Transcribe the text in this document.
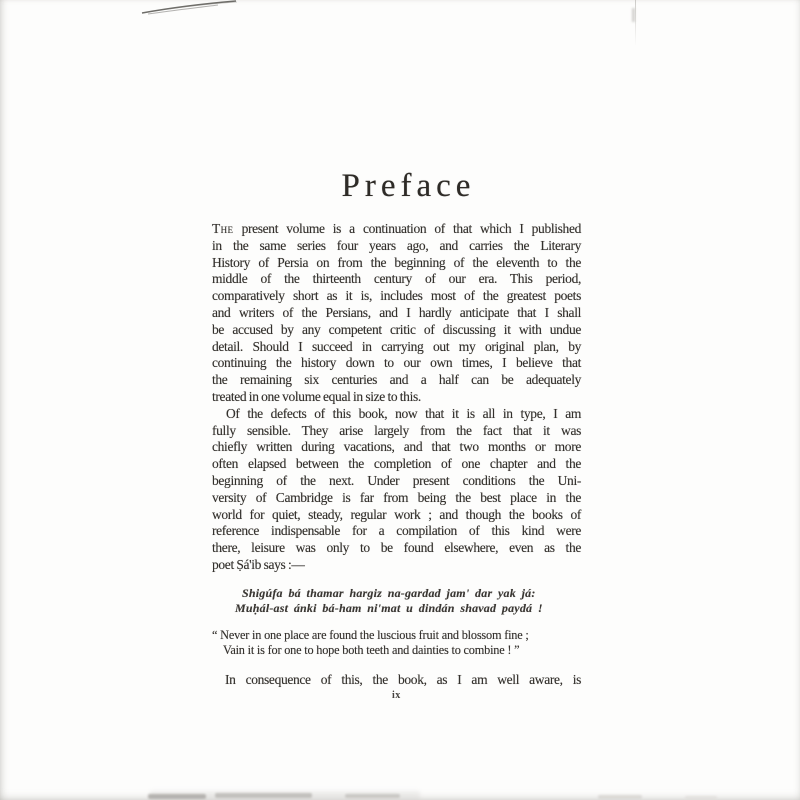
Preface
The present volume is a continuation of that which I published
in the same series four years ago, and carries the Literary
History of Persia on from the beginning of the eleventh to the
middle of the thirteenth century of our era. This period,
comparatively short as it is, includes most of the greatest poets
and writers of the Persians, and I hardly anticipate that I shall
be accused by any competent critic of discussing it with undue
detail. Should I succeed in carrying out my original plan, by
continuing the history down to our own times, I believe that
the remaining six centuries and a half can be adequately
treated in one volume equal in size to this.
Of the defects of this book, now that it is all in type, I am
fully sensible. They arise largely from the fact that it was
chiefly written during vacations, and that two months or more
often elapsed between the completion of one chapter and the
beginning of the next. Under present conditions the Uni-
versity of Cambridge is far from being the best place in the
world for quiet, steady, regular work ; and though the books of
reference indispensable for a compilation of this kind were
there, leisure was only to be found elsewhere, even as the
poet Ṣá'ib says :—
Shigúfa bá thamar hargiz na-gardad jam' dar yak já:
Muḥál-ast ánki bá-ham ni'mat u dindán shavad paydá !
“ Never in one place are found the luscious fruit and blossom fine ;
Vain it is for one to hope both teeth and dainties to combine ! ”
In consequence of this, the book, as I am well aware, is
ix
